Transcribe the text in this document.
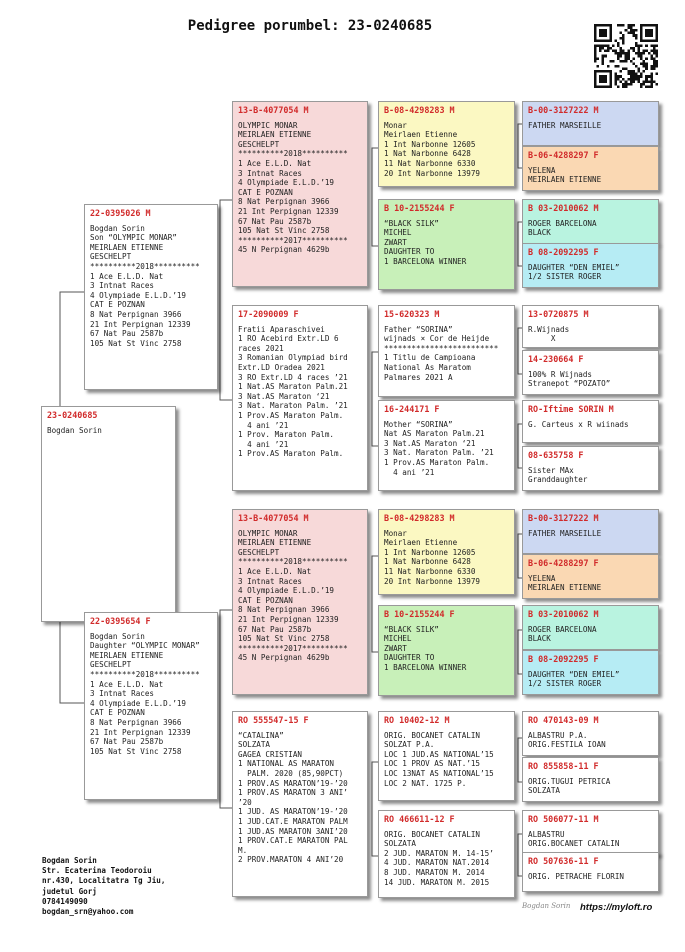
Pedigree porumbel: 23-0240685
23-0240685
Bogdan Sorin
22-0395026 M
Bogdan Sorin
Son “OLYMPIC MONAR”
MEIRLAEN ETIENNE
GESCHELPT
**********2018**********
1 Ace E.L.D. Nat
3 Intnat Races
4 Olympiade E.L.D.’19
CAT E POZNAN
8 Nat Perpignan 3966
21 Int Perpignan 12339
67 Nat Pau 2587b
105 Nat St Vinc 2758
22-0395654 F
Bogdan Sorin
Daughter “OLYMPIC MONAR”
MEIRLAEN ETIENNE
GESCHELPT
**********2018**********
1 Ace E.L.D. Nat
3 Intnat Races
4 Olympiade E.L.D.’19
CAT E POZNAN
8 Nat Perpignan 3966
21 Int Perpignan 12339
67 Nat Pau 2587b
105 Nat St Vinc 2758
13-B-4077054 M
OLYMPIC MONAR
MEIRLAEN ETIENNE
GESCHELPT
**********2018**********
1 Ace E.L.D. Nat
3 Intnat Races
4 Olympiade E.L.D.’19
CAT E POZNAN
8 Nat Perpignan 3966
21 Int Perpignan 12339
67 Nat Pau 2587b
105 Nat St Vinc 2758
**********2017**********
45 N Perpignan 4629b
17-2090009 F
Fratii Aparaschivei
1 RO Acebird Extr.LD 6
races 2021
3 Romanian Olympiad bird
Extr.LD Oradea 2021
3 RO Extr.LD 4 races ’21
1 Nat.AS Maraton Palm.21
3 Nat.AS Maraton ‘21
3 Nat. Maraton Palm. ’21
1 Prov.AS Maraton Palm.
4 ani ’21
1 Prov. Maraton Palm.
4 ani ’21
1 Prov.AS Maraton Palm.
13-B-4077054 M
OLYMPIC MONAR
MEIRLAEN ETIENNE
GESCHELPT
**********2018**********
1 Ace E.L.D. Nat
3 Intnat Races
4 Olympiade E.L.D.’19
CAT E POZNAN
8 Nat Perpignan 3966
21 Int Perpignan 12339
67 Nat Pau 2587b
105 Nat St Vinc 2758
**********2017**********
45 N Perpignan 4629b
RO 555547-15 F
“CATALINA”
SOLZATA
GAGEA CRISTIAN
1 NATIONAL AS MARATON
PALM. 2020 (85,90PCT)
1 PROV.AS MARATON’19-’20
1 PROV.AS MARATON 3 ANI’
’20
1 JUD. AS MARATON’19-’20
1 JUD.CAT.E MARATON PALM
1 JUD.AS MARATON 3ANI’20
1 PROV.CAT.E MARATON PAL
M.
2 PROV.MARATON 4 ANI’20
B-08-4298283 M
Monar
Meirlaen Etienne
1 Int Narbonne 12605
1 Nat Narbonne 6428
11 Nat Narbonne 6330
20 Int Narbonne 13979
B 10-2155244 F
“BLACK SILK”
MICHEL
ZWART
DAUGHTER TO
1 BARCELONA WINNER
15-620323 M
Father “SORINA”
wijnads × Cor de Heijde
*************************
1 Titlu de Campioana
National As Maratom
Palmares 2021 A
16-244171 F
Mother “SORINA”
Nat AS Maraton Palm.21
3 Nat.AS Maraton ‘21
3 Nat. Maraton Palm. ’21
1 Prov.AS Maraton Palm.
4 ani ’21
B-08-4298283 M
Monar
Meirlaen Etienne
1 Int Narbonne 12605
1 Nat Narbonne 6428
11 Nat Narbonne 6330
20 Int Narbonne 13979
B 10-2155244 F
“BLACK SILK”
MICHEL
ZWART
DAUGHTER TO
1 BARCELONA WINNER
RO 10402-12 M
ORIG. BOCANET CATALIN
SOLZAT P.A.
LOC 1 JUD.AS NATIONAL’15
LOC 1 PROV AS NAT.’15
LOC 13NAT AS NATIONAL’15
LOC 2 NAT. 1725 P.
RO 466611-12 F
ORIG. BOCANET CATALIN
SOLZATA
2 JUD. MARATON M. 14-15’
4 JUD. MARATON NAT.2014
8 JUD. MARATON M. 2014
14 JUD. MARATON M. 2015
B-00-3127222 M
FATHER MARSEILLE
B-06-4288297 F
YELENA
MEIRLAEN ETIENNE
B 03-2010062 M
ROGER BARCELONA
BLACK
B 08-2092295 F
DAUGHTER “DEN EMIEL”
1/2 SISTER ROGER
13-0720875 M
R.Wijnads
X
14-230664 F
100% R Wijnads
Stranepot “POZATO”
RO-Iftime SORIN M
G. Carteus x R wiinads
08-635758 F
Sister MAx
Granddaughter
B-00-3127222 M
FATHER MARSEILLE
B-06-4288297 F
YELENA
MEIRLAEN ETIENNE
B 03-2010062 M
ROGER BARCELONA
BLACK
B 08-2092295 F
DAUGHTER “DEN EMIEL”
1/2 SISTER ROGER
RO 470143-09 M
ALBASTRU P.A.
ORIG.FESTILA IOAN
RO 855858-11 F
ORIG.TUGUI PETRICA
SOLZATA
RO 506077-11 M
ALBASTRU
ORIG.BOCANET CATALIN
RO 507636-11 F
ORIG. PETRACHE FLORIN
Bogdan Sorin
Str. Ecaterina Teodoroiu
nr.430, Localitatra Tg Jiu,
judetul Gorj
0784149090
bogdan_srn@yahoo.com
Bogdan Sorin https://myloft.ro
